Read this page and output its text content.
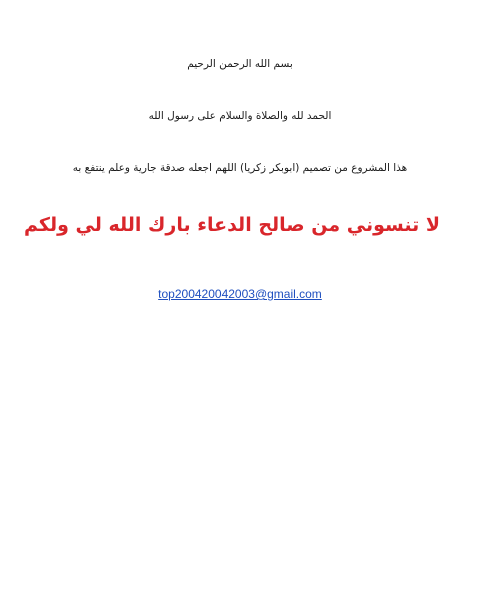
بسم الله الرحمن الرحيم
الحمد لله والصلاة والسلام على رسول الله
هذا المشروع من تصميم (ابوبكر زكريا) اللهم اجعله صدقة جارية وعلم ينتفع به
لا تنسوني من صالح الدعاء بارك الله لي ولكم
top200420042003@gmail.com
